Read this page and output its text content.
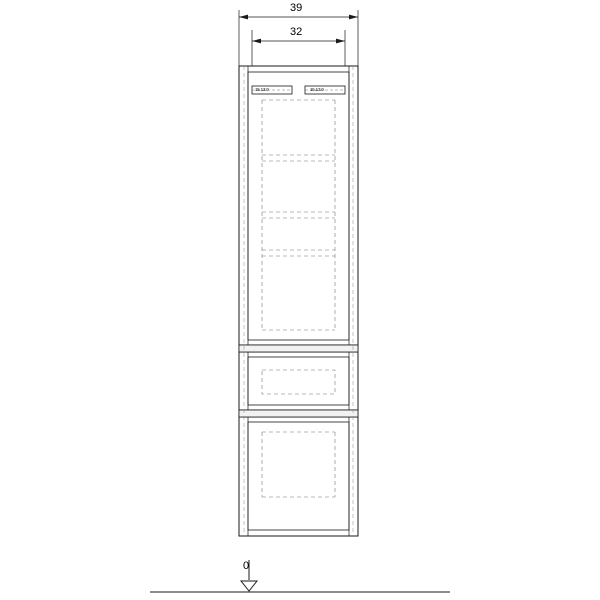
39
32
15.13.0	15.13.0
0
